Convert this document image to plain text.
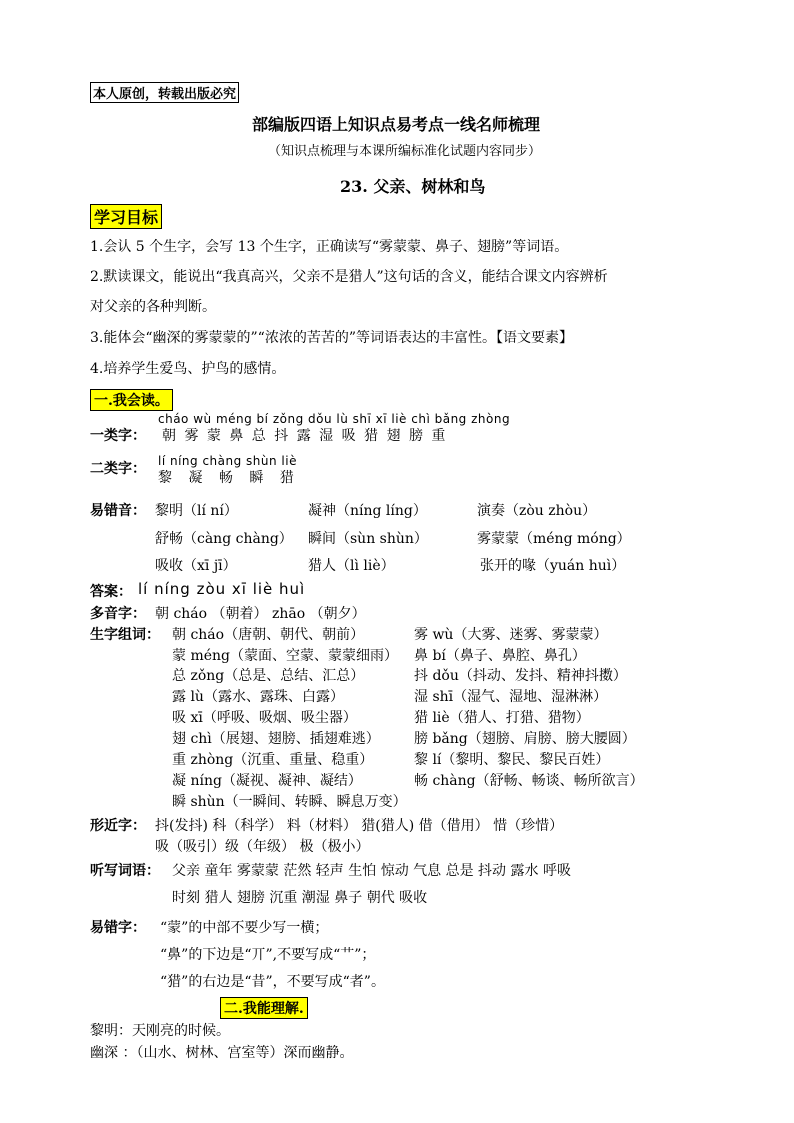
本人原创，转载出版必究
部编版四语上知识点易考点一线名师梳理
（知识点梳理与本课所编标准化试题内容同步）
23. 父亲、树林和鸟
学习目标
1.会认 5 个生字，会写 13 个生字，正确读写“雾蒙蒙、鼻子、翅膀”等词语。
2.默读课文，能说出“我真高兴，父亲不是猎人”这句话的含义，能结合课文内容辨析
对父亲的各种判断。
3.能体会“幽深的雾蒙蒙的”“浓浓的苦苦的”等词语表达的丰富性。【语文要素】
4.培养学生爱鸟、护鸟的感情。
一.我会读。
cháo wù méng bí zǒng dǒu lù shī xī liè chì bǎng zhòng
一类字： 朝 雾 蒙 鼻 总 抖 露 湿 吸 猎 翅 膀 重
lí níng chàng shùn liè
二类字：
黎 凝 畅 瞬 猎
易错音： 黎明（lí ní）	凝神（níng líng）	演奏（zòu zhòu）
舒畅（càng chàng） 瞬间（sùn shùn）	雾蒙蒙（méng móng）
吸收（xī jī）	猎人（lì liè）	张开的喙（yuán huì）
答案： lí níng zòu xī liè huì
多音字： 朝 cháo （朝着） zhāo （朝夕）
生字组词： 朝 cháo（唐朝、朝代、朝前）	雾 wù（大雾、迷雾、雾蒙蒙）
蒙 méng（蒙面、空蒙、蒙蒙细雨） 鼻 bí（鼻子、鼻腔、鼻孔）
总 zǒng（总是、总结、汇总）	抖 dǒu（抖动、发抖、精神抖擞）
露 lù（露水、露珠、白露）	湿 shī（湿气、湿地、湿淋淋）
吸 xī（呼吸、吸烟、吸尘器）	猎 liè（猎人、打猎、猎物）
翅 chì（展翅、翅膀、插翅难逃） 膀 bǎng（翅膀、肩膀、膀大腰圆）
重 zhòng（沉重、重量、稳重）	黎 lí（黎明、黎民、黎民百姓）
凝 níng（凝视、凝神、凝结）	畅 chàng（舒畅、畅谈、畅所欲言）
瞬 shùn（一瞬间、转瞬、瞬息万变）
形近字： 抖(发抖) 科（科学） 料（材料） 猎(猎人) 借（借用） 惜（珍惜）
吸（吸引）级（年级） 极（极小）
听写词语： 父亲 童年 雾蒙蒙 茫然 轻声 生怕 惊动 气息 总是 抖动 露水 呼吸
时刻 猎人 翅膀 沉重 潮湿 鼻子 朝代 吸收
易错字： “蒙”的中部不要少写一横；
“鼻”的下边是“丌”,不要写成“艹”；
“猎”的右边是“昔”，不要写成“者”。
二.我能理解.
黎明：天刚亮的时候。
幽深 ：（山水、树林、宫室等）深而幽静。
